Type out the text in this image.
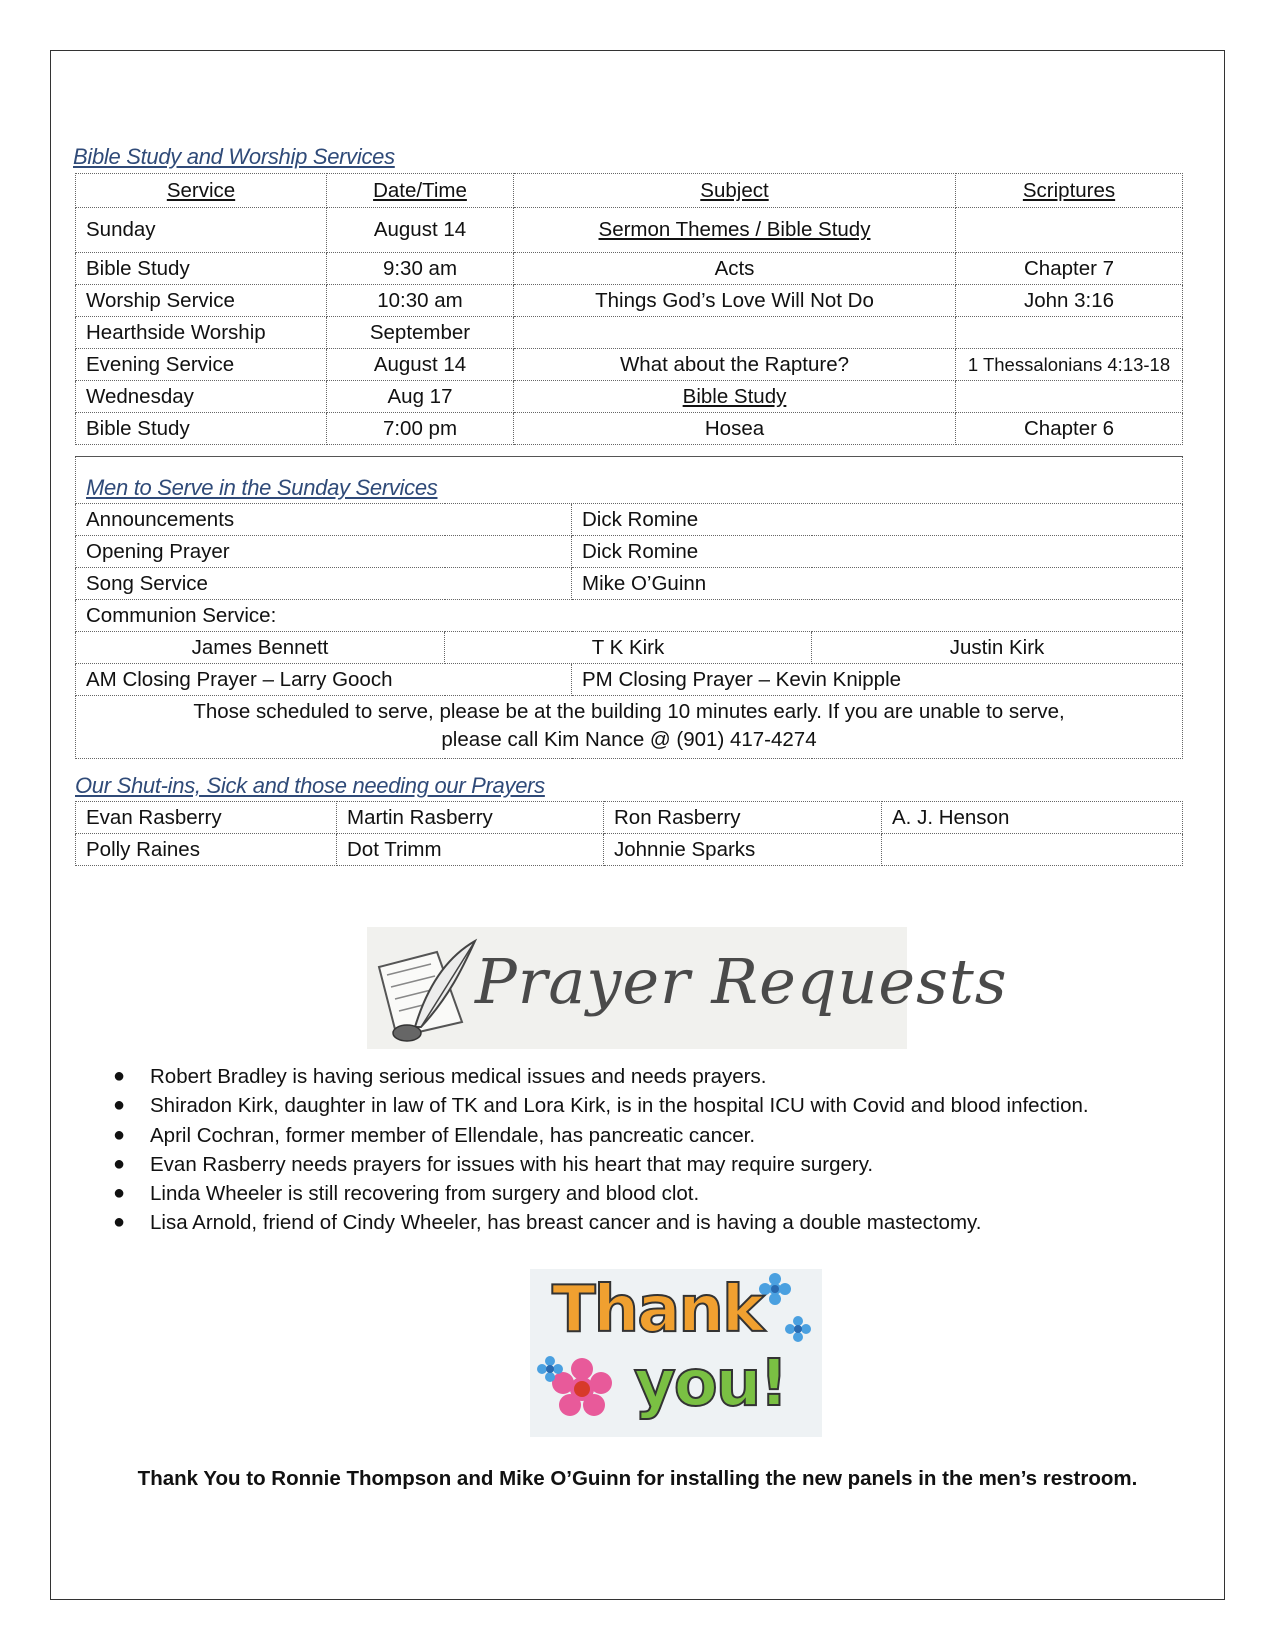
Bible Study and Worship Services
Service	Date/Time	Subject	Scriptures
Sunday	August 14	Sermon Themes / Bible Study	
Bible Study	9:30 am	Acts	Chapter 7
Worship Service	10:30 am	Things God’s Love Will Not Do	John 3:16
Hearthside Worship	September		
Evening Service	August 14	What about the Rapture?	1 Thessalonians 4:13-18
Wednesday	Aug 17	Bible Study	
Bible Study	7:00 pm	Hosea	Chapter 6
Men to Serve in the Sunday Services			
Announcements		Dick Romine	
Opening Prayer		Dick Romine	
Song Service		Mike O’Guinn	
Communion Service:			
James Bennett	T K Kirk		Justin Kirk
AM Closing Prayer – Larry Gooch		PM Closing Prayer – Kevin Knipple	

Those scheduled to serve, please be at the building 10 minutes early. If you are unable to serve,
please call Kim Nance @ (901) 417-4274			
Our Shut-ins, Sick and those needing our Prayers
Evan Rasberry	Martin Rasberry	Ron Rasberry	A. J. Henson
Polly Raines	Dot Trimm	Johnnie Sparks	
Prayer Requests
● Robert Bradley is having serious medical issues and needs prayers.
● Shiradon Kirk, daughter in law of TK and Lora Kirk, is in the hospital ICU with Covid and blood infection.
● April Cochran, former member of Ellendale, has pancreatic cancer.
● Evan Rasberry needs prayers for issues with his heart that may require surgery.
● Linda Wheeler is still recovering from surgery and blood clot.
● Lisa Arnold, friend of Cindy Wheeler, has breast cancer and is having a double mastectomy.
Thank
you!
Thank You to Ronnie Thompson and Mike O’Guinn for installing the new panels in the men’s restroom.
